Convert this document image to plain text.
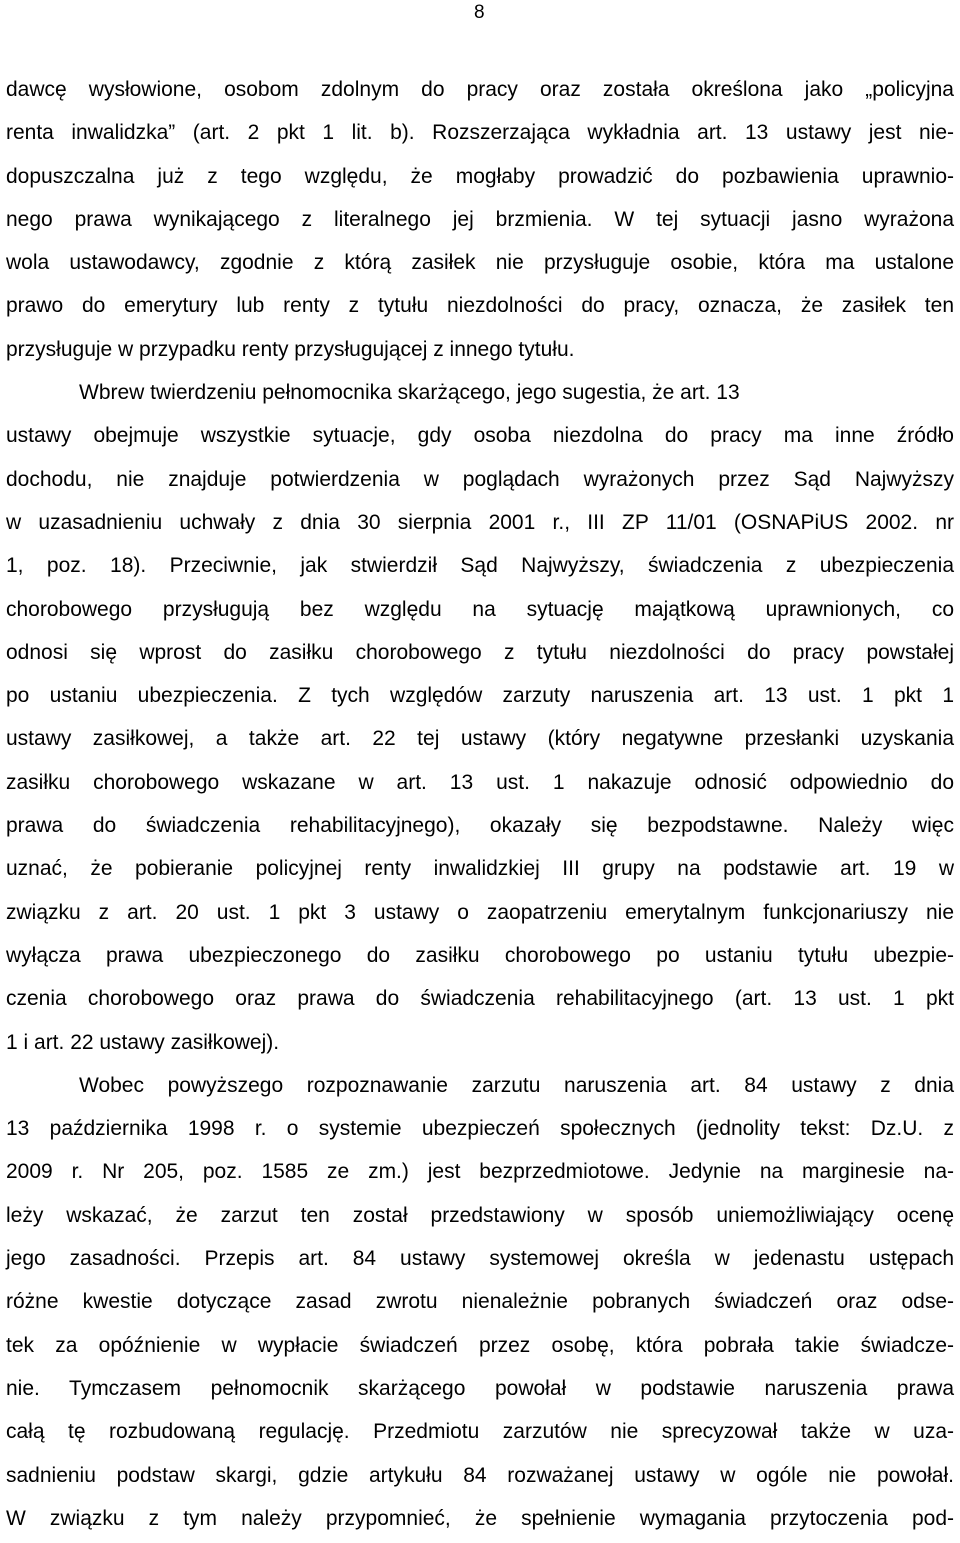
8
dawcę wysłowione, osobom zdolnym do pracy oraz została określona jako „policyjna
renta inwalidzka” (art. 2 pkt 1 lit. b). Rozszerzająca wykładnia art. 13 ustawy jest nie-
dopuszczalna już z tego względu, że mogłaby prowadzić do pozbawienia uprawnio-
nego prawa wynikającego z literalnego jej brzmienia. W tej sytuacji jasno wyrażona
wola ustawodawcy, zgodnie z którą zasiłek nie przysługuje osobie, która ma ustalone
prawo do emerytury lub renty z tytułu niezdolności do pracy, oznacza, że zasiłek ten
przysługuje w przypadku renty przysługującej z innego tytułu.
Wbrew twierdzeniu pełnomocnika skarżącego, jego sugestia, że art. 13
ustawy obejmuje wszystkie sytuacje, gdy osoba niezdolna do pracy ma inne źródło
dochodu, nie znajduje potwierdzenia w poglądach wyrażonych przez Sąd Najwyższy
w uzasadnieniu uchwały z dnia 30 sierpnia 2001 r., III ZP 11/01 (OSNAPiUS 2002. nr
1, poz. 18). Przeciwnie, jak stwierdził Sąd Najwyższy, świadczenia z ubezpieczenia
chorobowego przysługują bez względu na sytuację majątkową uprawnionych, co
odnosi się wprost do zasiłku chorobowego z tytułu niezdolności do pracy powstałej
po ustaniu ubezpieczenia. Z tych względów zarzuty naruszenia art. 13 ust. 1 pkt 1
ustawy zasiłkowej, a także art. 22 tej ustawy (który negatywne przesłanki uzyskania
zasiłku chorobowego wskazane w art. 13 ust. 1 nakazuje odnosić odpowiednio do
prawa do świadczenia rehabilitacyjnego), okazały się bezpodstawne. Należy więc
uznać, że pobieranie policyjnej renty inwalidzkiej III grupy na podstawie art. 19 w
związku z art. 20 ust. 1 pkt 3 ustawy o zaopatrzeniu emerytalnym funkcjonariuszy nie
wyłącza prawa ubezpieczonego do zasiłku chorobowego po ustaniu tytułu ubezpie-
czenia chorobowego oraz prawa do świadczenia rehabilitacyjnego (art. 13 ust. 1 pkt
1 i art. 22 ustawy zasiłkowej).
Wobec powyższego rozpoznawanie zarzutu naruszenia art. 84 ustawy z dnia
13 października 1998 r. o systemie ubezpieczeń społecznych (jednolity tekst: Dz.U. z
2009 r. Nr 205, poz. 1585 ze zm.) jest bezprzedmiotowe. Jedynie na marginesie na-
leży wskazać, że zarzut ten został przedstawiony w sposób uniemożliwiający ocenę
jego zasadności. Przepis art. 84 ustawy systemowej określa w jedenastu ustępach
różne kwestie dotyczące zasad zwrotu nienależnie pobranych świadczeń oraz odse-
tek za opóźnienie w wypłacie świadczeń przez osobę, która pobrała takie świadcze-
nie. Tymczasem pełnomocnik skarżącego powołał w podstawie naruszenia prawa
całą tę rozbudowaną regulację. Przedmiotu zarzutów nie sprecyzował także w uza-
sadnieniu podstaw skargi, gdzie artykułu 84 rozważanej ustawy w ogóle nie powołał.
W związku z tym należy przypomnieć, że spełnienie wymagania przytoczenia pod-
